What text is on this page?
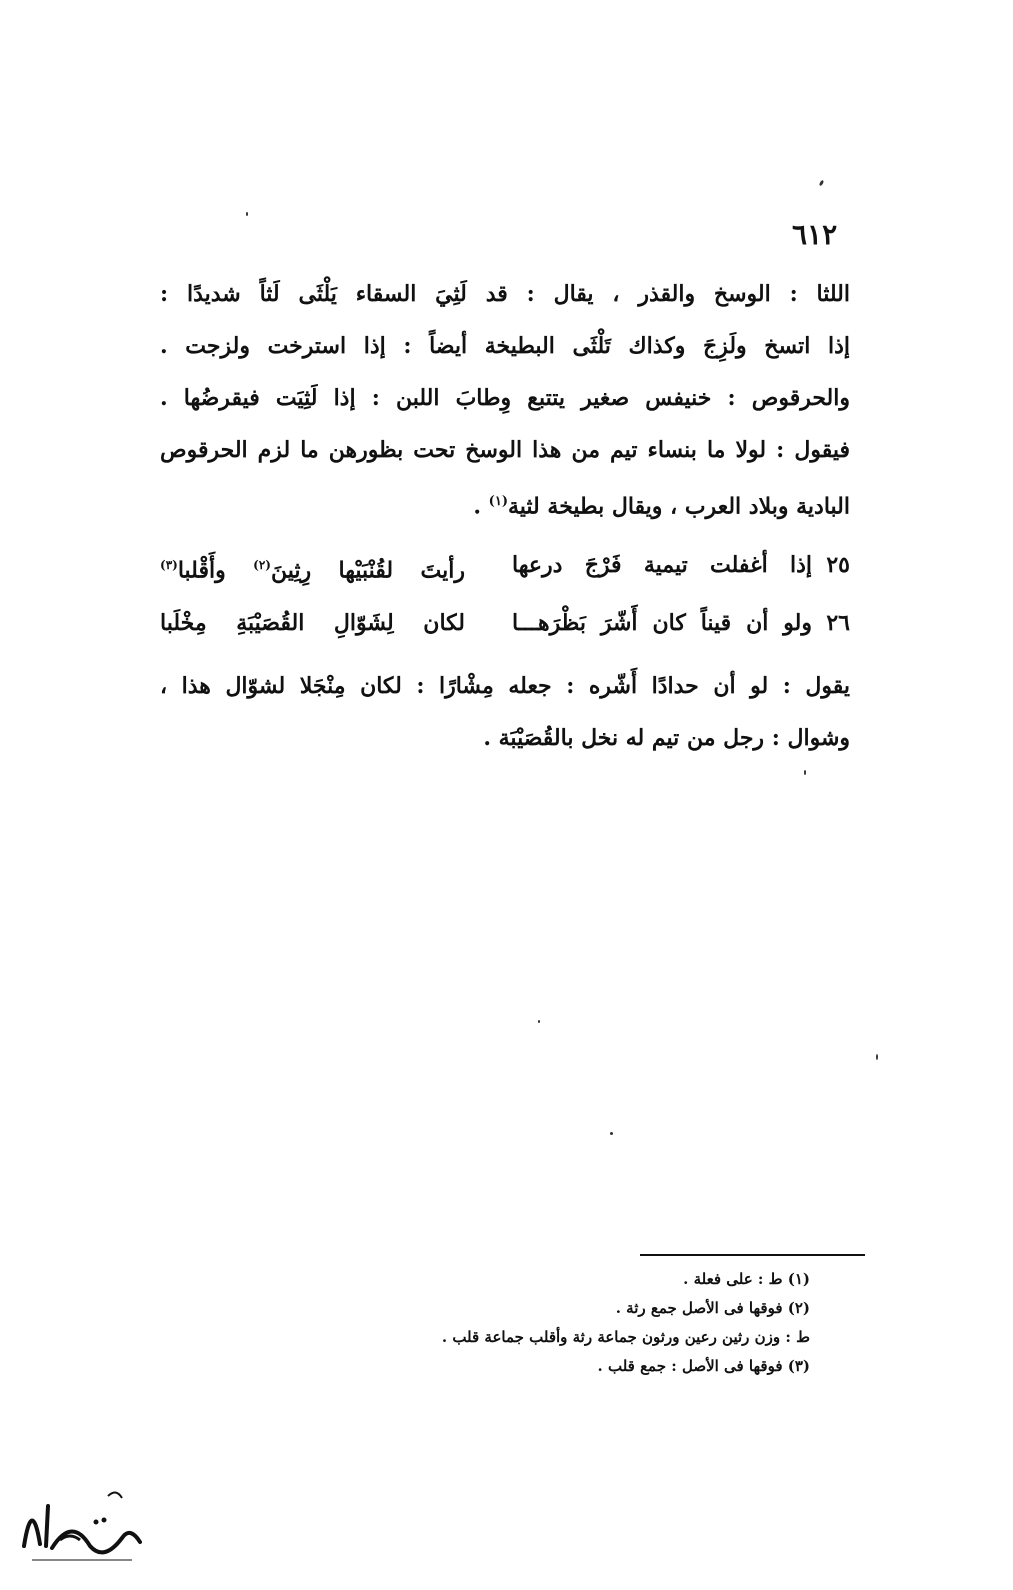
٦١٢
اللثا : الوسخ والقذر ، يقال : قد لَثِيَ السقاء يَلْثَى لَثاً شديدًا :
إذا اتسخ ولَزِجَ وكذاك تَلْثَى البطيخة أيضاً : إذا استرخت ولزجت .
والحرقوص : خنيفس صغير يتتبع وِطابَ اللبن : إذا لَثِيَت فيقرضُها .
فيقول : لولا ما بنساء تيم من هذا الوسخ تحت بظورهن ما لزم الحرقوص
البادية وبلاد العرب ، ويقال بطيخة لثية$^{(١)}$ .
٢٥
إذا أغفلت تيمية فَرْجَ درعها
رأيتَ لقُنْبَيْها رِثِينَ$^{(٢)}$ وأَقْلبا$^{(٣)}$
٢٦
ولو أن قيناً كان أَشّرَ بَظْرَهـــا
لكان لِشَوّالِ القُصَيْبَةِ مِخْلَبا
يقول : لو أن حدادًا أَشّره : جعله مِشْارًا : لكان مِنْجَلا لشوّال هذا ،
وشوال : رجل من تيم له نخل بالقُصَيْبَة .
(١) ط : على فعلة .
(٢) فوقها فى الأصل جمع رثة .
ط : وزن رثين رعين ورثون جماعة رثة وأقلب جماعة قلب .
(٣) فوقها فى الأصل : جمع قلب .
